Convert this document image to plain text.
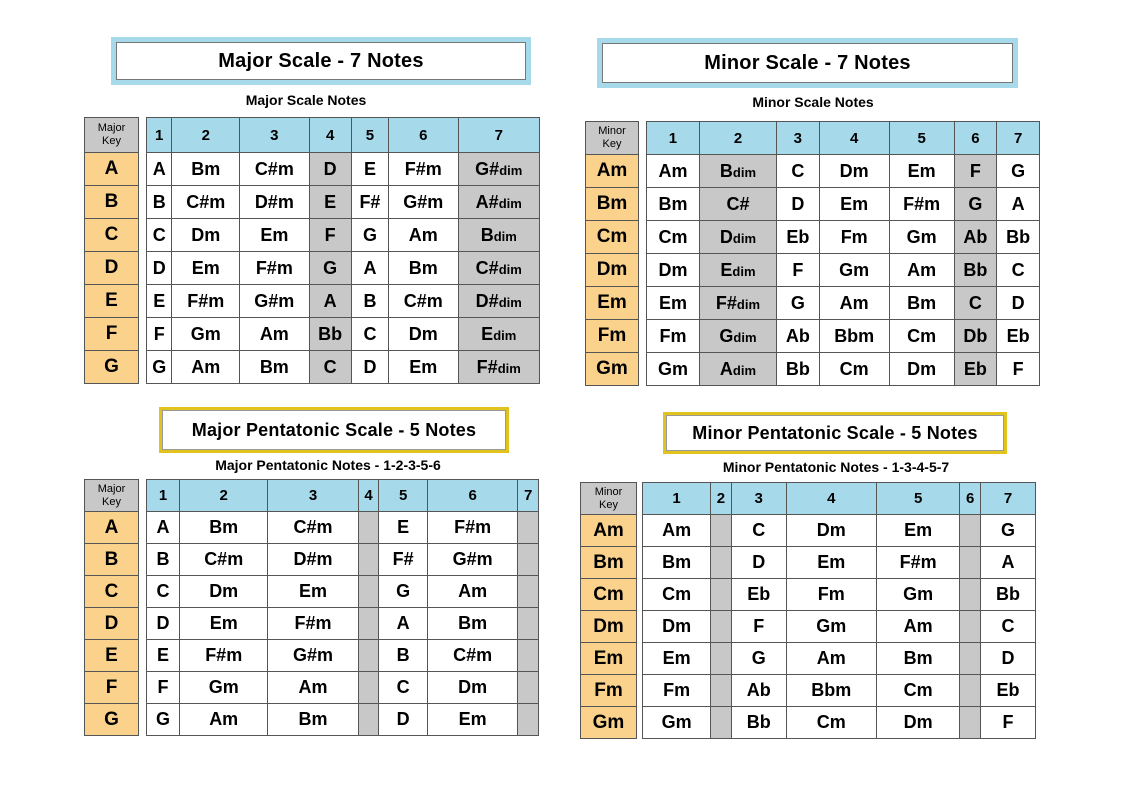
Major Scale - 7 Notes
Major Scale Notes
Major
Key
A
B
C
D
E
F
G
1	2	3	4	5	6	7
A	Bm	C#m	D	E	F#m	G#dim
B	C#m	D#m	E	F#	G#m	A#dim
C	Dm	Em	F	G	Am	Bdim
D	Em	F#m	G	A	Bm	C#dim
E	F#m	G#m	A	B	C#m	D#dim
F	Gm	Am	Bb	C	Dm	Edim
G	Am	Bm	C	D	Em	F#dim
Minor Scale - 7 Notes
Minor Scale Notes
Minor
Key
Am
Bm
Cm
Dm
Em
Fm
Gm
1	2	3	4	5	6	7
Am	Bdim	C	Dm	Em	F	G
Bm	C#	D	Em	F#m	G	A
Cm	Ddim	Eb	Fm	Gm	Ab	Bb
Dm	Edim	F	Gm	Am	Bb	C
Em	F#dim	G	Am	Bm	C	D
Fm	Gdim	Ab	Bbm	Cm	Db	Eb
Gm	Adim	Bb	Cm	Dm	Eb	F
Major Pentatonic Scale - 5 Notes
Major Pentatonic Notes - 1-2-3-5-6
Major
Key
A
B
C
D
E
F
G
1	2	3	4	5	6	7
A	Bm	C#m		E	F#m	
B	C#m	D#m		F#	G#m	
C	Dm	Em		G	Am	
D	Em	F#m		A	Bm	
E	F#m	G#m		B	C#m	
F	Gm	Am		C	Dm	
G	Am	Bm		D	Em	
Minor Pentatonic Scale - 5 Notes
Minor Pentatonic Notes - 1-3-4-5-7
Minor
Key
Am
Bm
Cm
Dm
Em
Fm
Gm
1	2	3	4	5	6	7
Am		C	Dm	Em		G
Bm		D	Em	F#m		A
Cm		Eb	Fm	Gm		Bb
Dm		F	Gm	Am		C
Em		G	Am	Bm		D
Fm		Ab	Bbm	Cm		Eb
Gm		Bb	Cm	Dm		F
